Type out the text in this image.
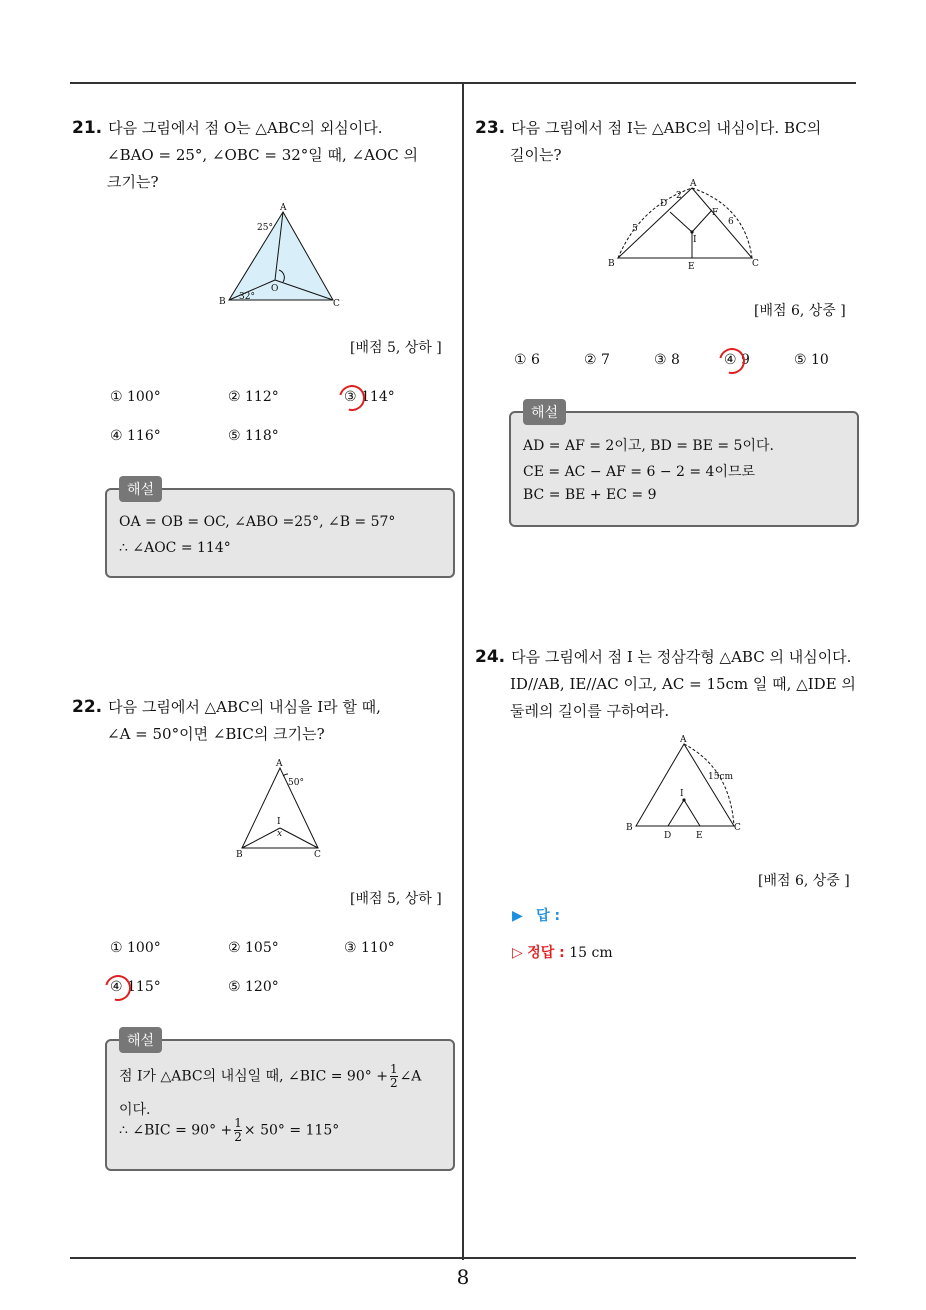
21. 다음 그림에서 점 O는 △ABC의 외심이다.
∠BAO = 25°, ∠OBC = 32°일 때, ∠AOC 의
크기는?
A
B	C
O
25°
32°
[배점 5, 상하 ]
① 100°	② 112°	③ 114°
④ 116°	⑤ 118°
해설
OA = OB = OC, ∠ABO =25°, ∠B = 57°
∴ ∠AOC = 114°
22. 다음 그림에서 △ABC의 내심을 I라 할 때,
∠A = 50°이면 ∠BIC의 크기는?
A
B	C
I
50°
x
[배점 5, 상하 ]
① 100°	② 105°	③ 110°
④ 115°	⑤ 120°
해설
점 I가 △ABC의 내심일 때, ∠BIC = $90^\circ + \frac{1}{2}$ ∠A
이다.
∴ ∠BIC = $90^\circ + \frac{1}{2} \times 50^\circ = 115^\circ$
23. 다음 그림에서 점 I는 △ABC의 내심이다. BC의
길이는?
A
B	C
D
E
F
I
2
5
6
[배점 6, 상중 ]
① 6	② 7	③ 8	④ 9	⑤ 10
해설
AD = AF = 2이고, BD = BE = 5이다.
CE = AC − AF = 6 − 2 = 4이므로
BC = BE + EC = 9
24. 다음 그림에서 점 I 는 정삼각형 △ABC 의 내심이다.
ID//AB, IE//AC 이고, AC = 15cm 일 때, △IDE 의
둘레의 길이를 구하여라.
A
B	C
D	E
I
15cm
[배점 6, 상중 ]
▶ 답 :
▷ 정답 : 15 cm
8
